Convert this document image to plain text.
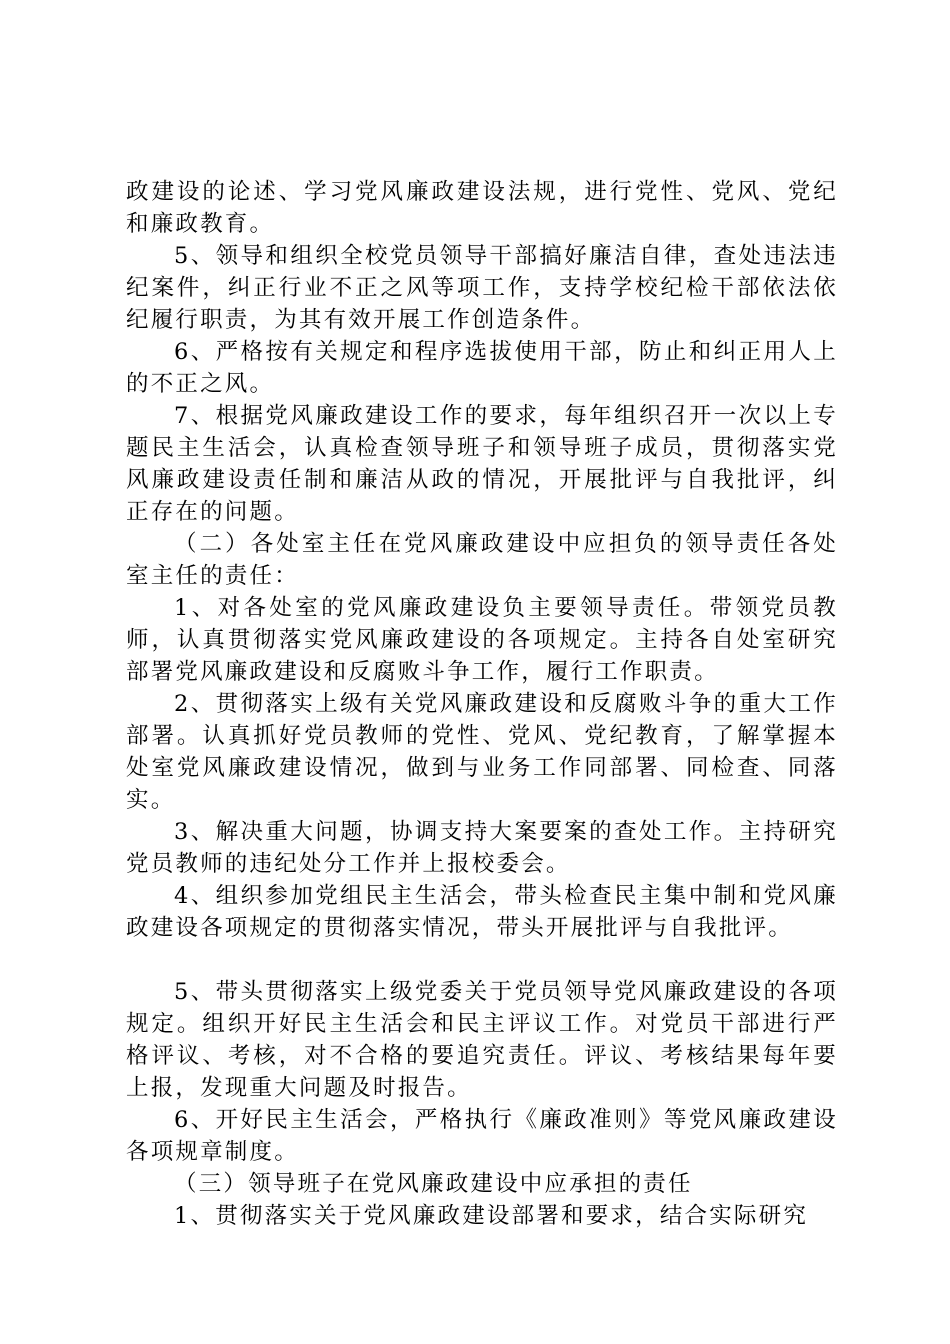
政建设的论述、学习党风廉政建设法规，进行党性、党风、党纪和廉政教育。

5、领导和组织全校党员领导干部搞好廉洁自律，查处违法违纪案件，纠正行业不正之风等项工作，支持学校纪检干部依法依纪履行职责，为其有效开展工作创造条件。

6、严格按有关规定和程序选拔使用干部，防止和纠正用人上的不正之风。

7、根据党风廉政建设工作的要求，每年组织召开一次以上专题民主生活会，认真检查领导班子和领导班子成员，贯彻落实党风廉政建设责任制和廉洁从政的情况，开展批评与自我批评，纠正存在的问题。

（二）各处室主任在党风廉政建设中应担负的领导责任各处室主任的责任：

1、对各处室的党风廉政建设负主要领导责任。带领党员教师，认真贯彻落实党风廉政建设的各项规定。主持各自处室研究部署党风廉政建设和反腐败斗争工作，履行工作职责。

2、贯彻落实上级有关党风廉政建设和反腐败斗争的重大工作部署。认真抓好党员教师的党性、党风、党纪教育，了解掌握本处室党风廉政建设情况，做到与业务工作同部署、同检查、同落实。

3、解决重大问题，协调支持大案要案的查处工作。主持研究党员教师的违纪处分工作并上报校委会。

4、组织参加党组民主生活会，带头检查民主集中制和党风廉政建设各项规定的贯彻落实情况，带头开展批评与自我批评。

5、带头贯彻落实上级党委关于党员领导党风廉政建设的各项规定。组织开好民主生活会和民主评议工作。对党员干部进行严格评议、考核，对不合格的要追究责任。评议、考核结果每年要上报，发现重大问题及时报告。

6、开好民主生活会，严格执行《廉政准则》等党风廉政建设各项规章制度。

（三）领导班子在党风廉政建设中应承担的责任

1、贯彻落实关于党风廉政建设部署和要求，结合实际研究
